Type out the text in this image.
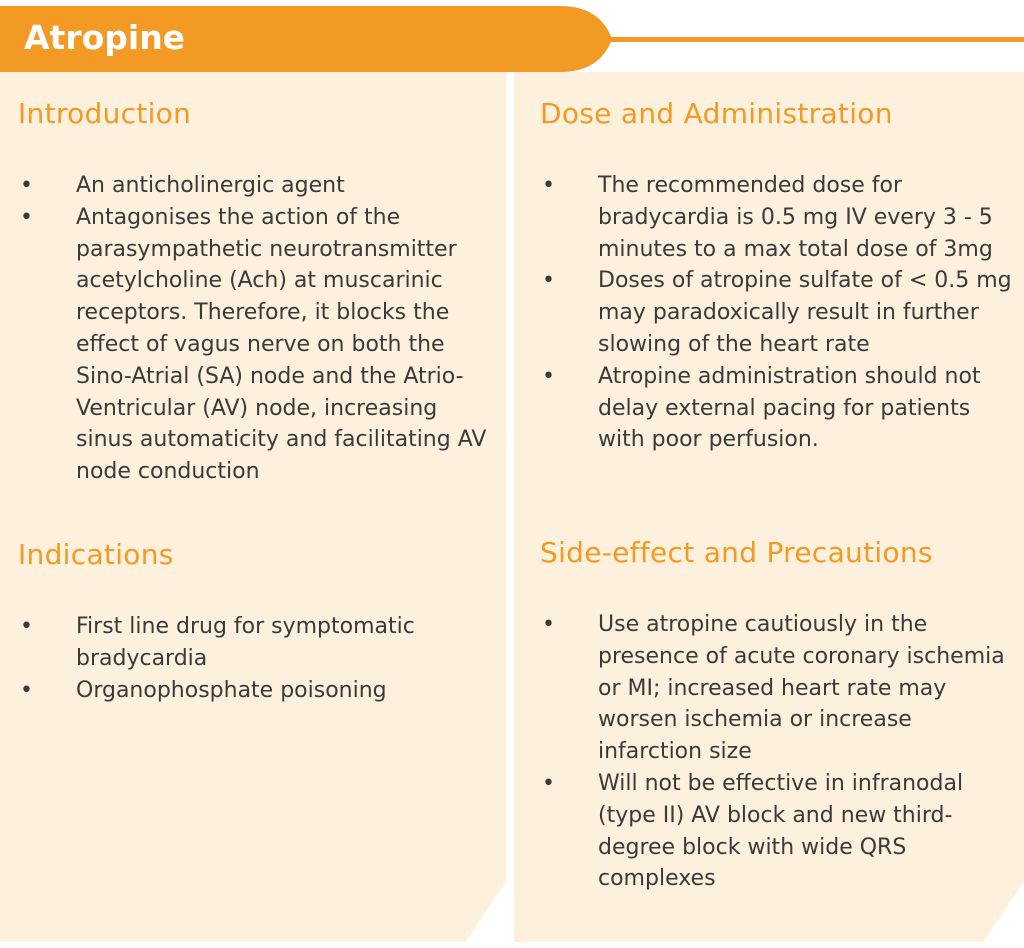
Atropine
Introduction
• An anticholinergic agent
• Antagonises the action of the parasympathetic neurotransmitter acetylcholine (Ach) at muscarinic receptors. Therefore, it blocks the effect of vagus nerve on both the Sino-Atrial (SA) node and the Atrio-Ventricular (AV) node, increasing sinus automaticity and facilitating AV node conduction
Indications
• First line drug for symptomatic bradycardia
• Organophosphate poisoning
Dose and Administration
• The recommended dose for bradycardia is 0.5 mg IV every 3 - 5 minutes to a max total dose of 3mg
• Doses of atropine sulfate of < 0.5 mg may paradoxically result in further slowing of the heart rate
• Atropine administration should not delay external pacing for patients with poor perfusion.
Side-effect and Precautions
• Use atropine cautiously in the presence of acute coronary ischemia or MI; increased heart rate may worsen ischemia or increase infarction size
• Will not be effective in infranodal (type II) AV block and new third-degree block with wide QRS complexes
